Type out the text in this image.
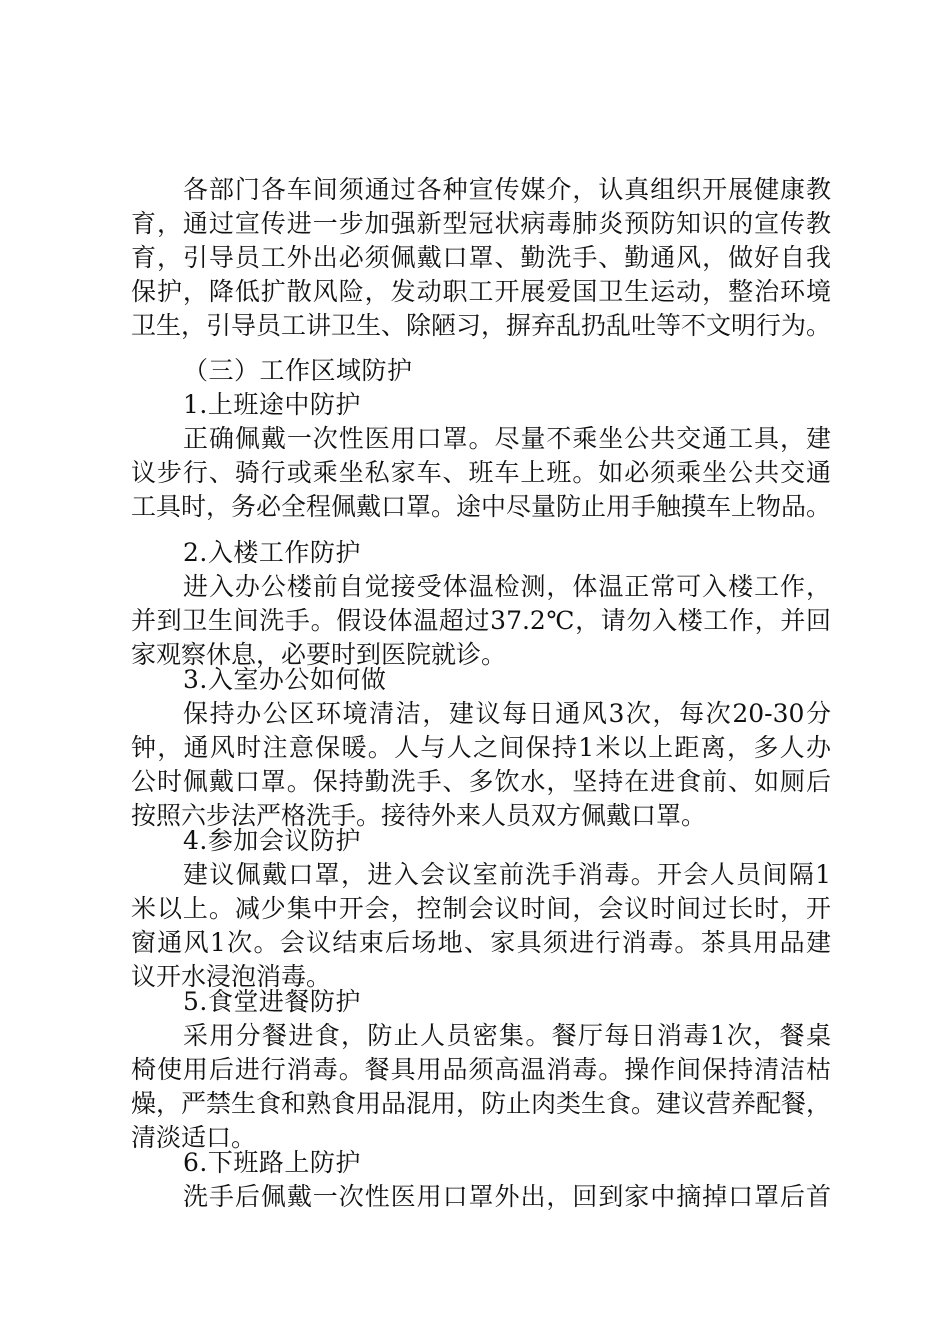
各部门各车间须通过各种宣传媒介，认真组织开展健康教
育，通过宣传进一步加强新型冠状病毒肺炎预防知识的宣传教
育，引导员工外出必须佩戴口罩、勤洗手、勤通风，做好自我
保护，降低扩散风险，发动职工开展爱国卫生运动，整治环境
卫生，引导员工讲卫生、除陋习，摒弃乱扔乱吐等不文明行为。
（三）工作区域防护
1.上班途中防护
正确佩戴一次性医用口罩。尽量不乘坐公共交通工具，建
议步行、骑行或乘坐私家车、班车上班。如必须乘坐公共交通
工具时，务必全程佩戴口罩。途中尽量防止用手触摸车上物品。
2.入楼工作防护
进入办公楼前自觉接受体温检测，体温正常可入楼工作，
并到卫生间洗手。假设体温超过37.2℃，请勿入楼工作，并回
家观察休息，必要时到医院就诊。
3.入室办公如何做
保持办公区环境清洁，建议每日通风3次，每次20-30分
钟，通风时注意保暖。人与人之间保持1米以上距离，多人办
公时佩戴口罩。保持勤洗手、多饮水，坚持在进食前、如厕后
按照六步法严格洗手。接待外来人员双方佩戴口罩。
4.参加会议防护
建议佩戴口罩，进入会议室前洗手消毒。开会人员间隔1
米以上。减少集中开会，控制会议时间，会议时间过长时，开
窗通风1次。会议结束后场地、家具须进行消毒。茶具用品建
议开水浸泡消毒。
5.食堂进餐防护
采用分餐进食，防止人员密集。餐厅每日消毒1次，餐桌
椅使用后进行消毒。餐具用品须高温消毒。操作间保持清洁枯
燥，严禁生食和熟食用品混用，防止肉类生食。建议营养配餐，
清淡适口。
6.下班路上防护
洗手后佩戴一次性医用口罩外出，回到家中摘掉口罩后首
